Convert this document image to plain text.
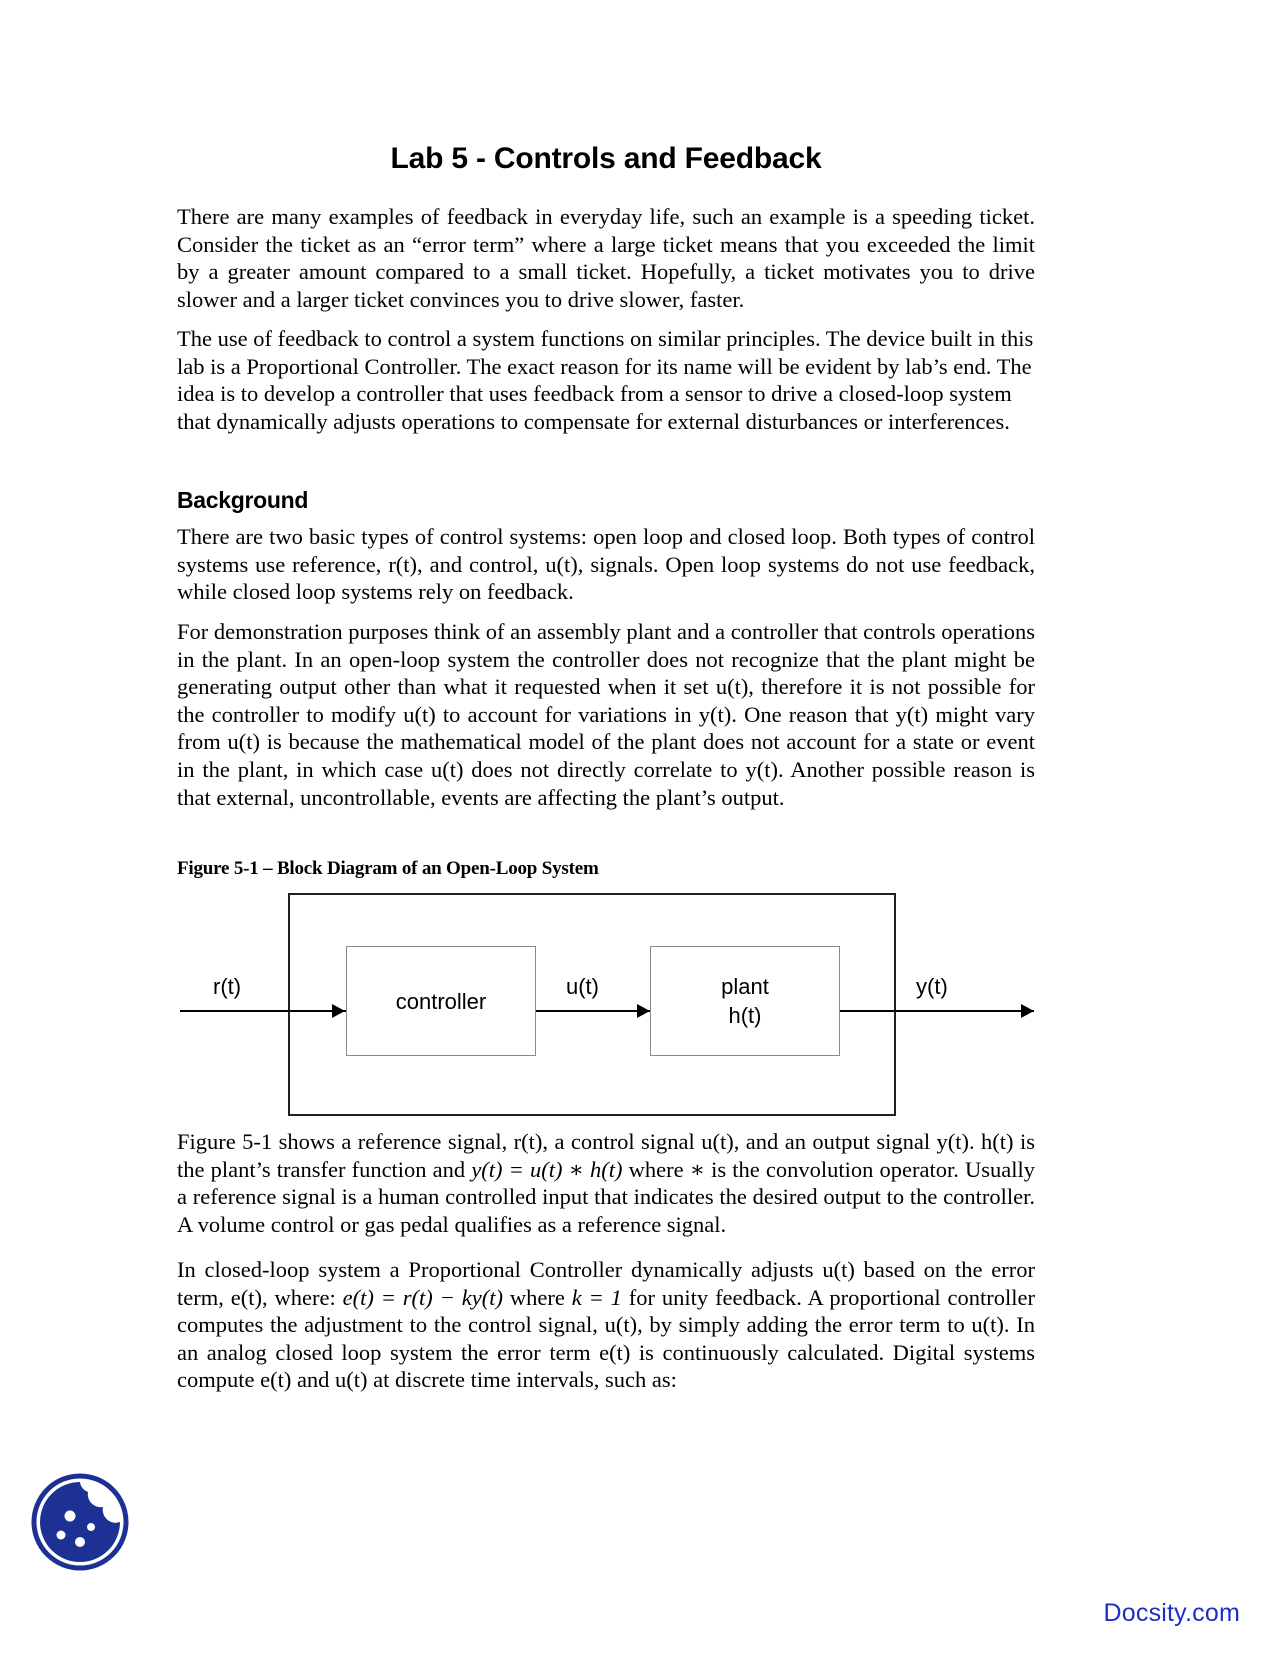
Lab 5 - Controls and Feedback

There are many examples of feedback in everyday life, such an example is a speeding ticket. Consider the ticket as an “error term” where a large ticket means that you exceeded the limit by a greater amount compared to a small ticket. Hopefully, a ticket motivates you to drive slower and a larger ticket convinces you to drive slower, faster.

The use of feedback to control a system functions on similar principles. The device built in this lab is a Proportional Controller. The exact reason for its name will be evident by lab’s end. The idea is to develop a controller that uses feedback from a sensor to drive a closed-loop system that dynamically adjusts operations to compensate for external disturbances or interferences.

Background

There are two basic types of control systems: open loop and closed loop. Both types of control systems use reference, r(t), and control, u(t), signals. Open loop systems do not use feedback, while closed loop systems rely on feedback.

For demonstration purposes think of an assembly plant and a controller that controls operations in the plant. In an open-loop system the controller does not recognize that the plant might be generating output other than what it requested when it set u(t), therefore it is not possible for the controller to modify u(t) to account for variations in y(t). One reason that y(t) might vary from u(t) is because the mathematical model of the plant does not account for a state or event in the plant, in which case u(t) does not directly correlate to y(t). Another possible reason is that external, uncontrollable, events are affecting the plant’s output.

Figure 5-1 – Block Diagram of an Open-Loop System

Figure 5-1 shows a reference signal, r(t), a control signal u(t), and an output signal y(t). h(t) is the plant’s transfer function and y(t) = u(t) ∗ h(t) where ∗ is the convolution operator. Usually a reference signal is a human controlled input that indicates the desired output to the controller. A volume control or gas pedal qualifies as a reference signal.

In closed-loop system a Proportional Controller dynamically adjusts u(t) based on the error term, e(t), where: e(t) = r(t) − ky(t) where k = 1 for unity feedback. A proportional controller computes the adjustment to the control signal, u(t), by simply adding the error term to u(t). In an analog closed loop system the error term e(t) is continuously calculated. Digital systems compute e(t) and u(t) at discrete time intervals, such as:

controller
plant
h(t)
r(t)	u(t)	y(t)
Docsity.com
